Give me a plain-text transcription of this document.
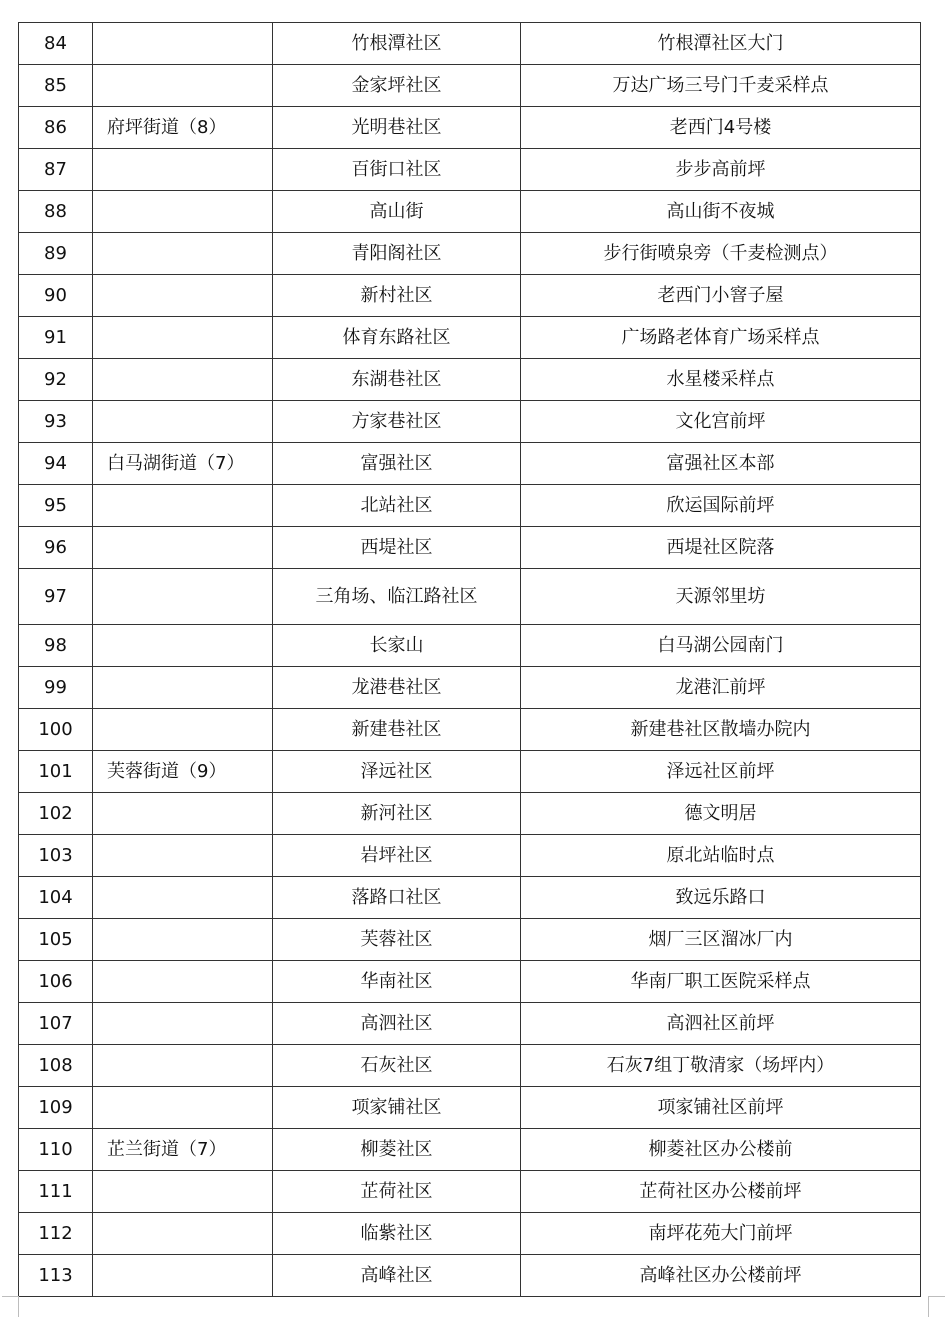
84		竹根潭社区	竹根潭社区大门
85		金家坪社区	万达广场三号门千麦采样点
86	府坪街道（8）	光明巷社区	老西门4号楼
87		百街口社区	步步高前坪
88		高山街	高山街不夜城
89		青阳阁社区	步行街喷泉旁（千麦检测点）
90		新村社区	老西门小窨子屋
91		体育东路社区	广场路老体育广场采样点
92		东湖巷社区	水星楼采样点
93		方家巷社区	文化宫前坪
94	白马湖街道（7）	富强社区	富强社区本部
95		北站社区	欣运国际前坪
96		西堤社区	西堤社区院落
97		三角场、临江路社区	天源邻里坊
98		长家山	白马湖公园南门
99		龙港巷社区	龙港汇前坪
100		新建巷社区	新建巷社区散墙办院内
101	芙蓉街道（9）	泽远社区	泽远社区前坪
102		新河社区	德文明居
103		岩坪社区	原北站临时点
104		落路口社区	致远乐路口
105		芙蓉社区	烟厂三区溜冰厂内
106		华南社区	华南厂职工医院采样点
107		高泗社区	高泗社区前坪
108		石灰社区	石灰7组丁敬清家（场坪内）
109		项家铺社区	项家铺社区前坪
110	芷兰街道（7）	柳菱社区	柳菱社区办公楼前
111		芷荷社区	芷荷社区办公楼前坪
112		临紫社区	南坪花苑大门前坪
113		高峰社区	高峰社区办公楼前坪
